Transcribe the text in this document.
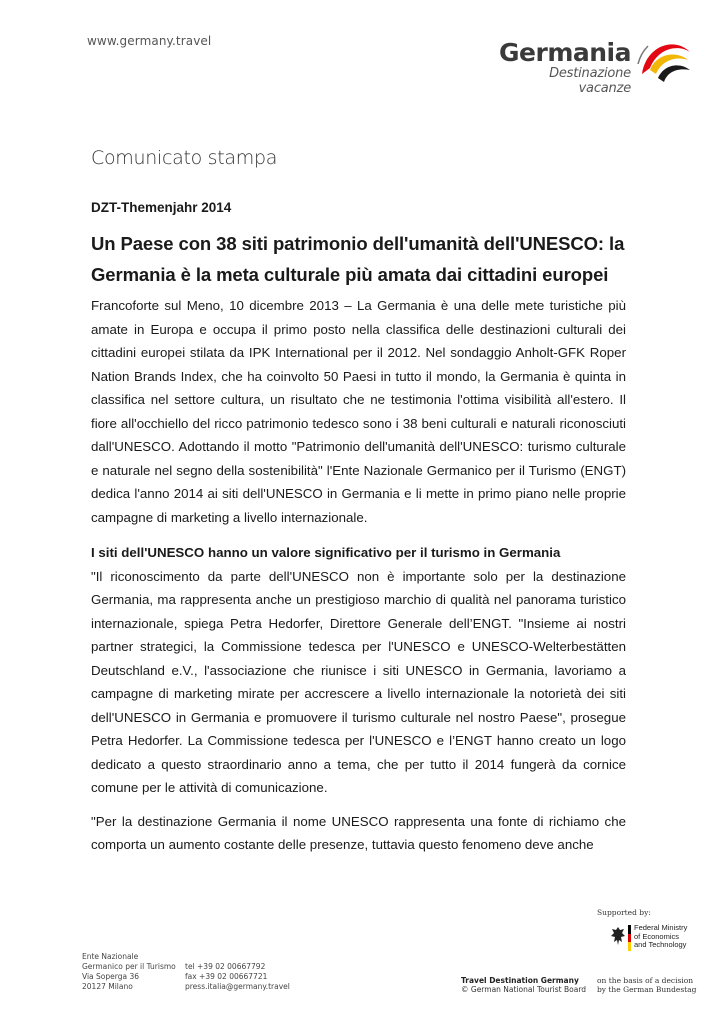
www.germany.travel	Germania
Destinazione vacanze
Comunicato stampa

DZT-Themenjahr 2014

Un Paese con 38 siti patrimonio dell'umanità dell'UNESCO: la Germania è la meta culturale più amata dai cittadini europei

Francoforte sul Meno, 10 dicembre 2013 – La Germania è una delle mete turistiche più amate in Europa e occupa il primo posto nella classifica delle destinazioni culturali dei cittadini europei stilata da IPK International per il 2012. Nel sondaggio Anholt-GFK Roper Nation Brands Index, che ha coinvolto 50 Paesi in tutto il mondo, la Germania è quinta in classifica nel settore cultura, un risultato che ne testimonia l'ottima visibilità all'estero. Il fiore all'occhiello del ricco patrimonio tedesco sono i 38 beni culturali e naturali riconosciuti dall'UNESCO. Adottando il motto "Patrimonio dell'umanità dell'UNESCO: turismo culturale e naturale nel segno della sostenibilità" l'Ente Nazionale Germanico per il Turismo (ENGT) dedica l'anno 2014 ai siti dell'UNESCO in Germania e li mette in primo piano nelle proprie campagne di marketing a livello internazionale.

I siti dell'UNESCO hanno un valore significativo per il turismo in Germania

"Il riconoscimento da parte dell'UNESCO non è importante solo per la destinazione Germania, ma rappresenta anche un prestigioso marchio di qualità nel panorama turistico internazionale, spiega Petra Hedorfer, Direttore Generale dell’ENGT. "Insieme ai nostri partner strategici, la Commissione tedesca per l'UNESCO e UNESCO-Welterbestätten Deutschland e.V., l'associazione che riunisce i siti UNESCO in Germania, lavoriamo a campagne di marketing mirate per accrescere a livello internazionale la notorietà dei siti dell'UNESCO in Germania e promuovere il turismo culturale nel nostro Paese", prosegue Petra Hedorfer. La Commissione tedesca per l'UNESCO e l’ENGT hanno creato un logo dedicato a questo straordinario anno a tema, che per tutto il 2014 fungerà da cornice comune per le attività di comunicazione.

"Per la destinazione Germania il nome UNESCO rappresenta una fonte di richiamo che comporta un aumento costante delle presenze, tuttavia questo fenomeno deve anche

Supported by:
Federal Ministry
of Economics
and Technology
Ente Nazionale
Germanico per il Turismo
Via Soperga 36
20127 Milano
tel +39 02 00667792
fax +39 02 00667721
press.italia@germany.travel
Travel Destination Germany
© German National Tourist Board
on the basis of a decision
by the German Bundestag
